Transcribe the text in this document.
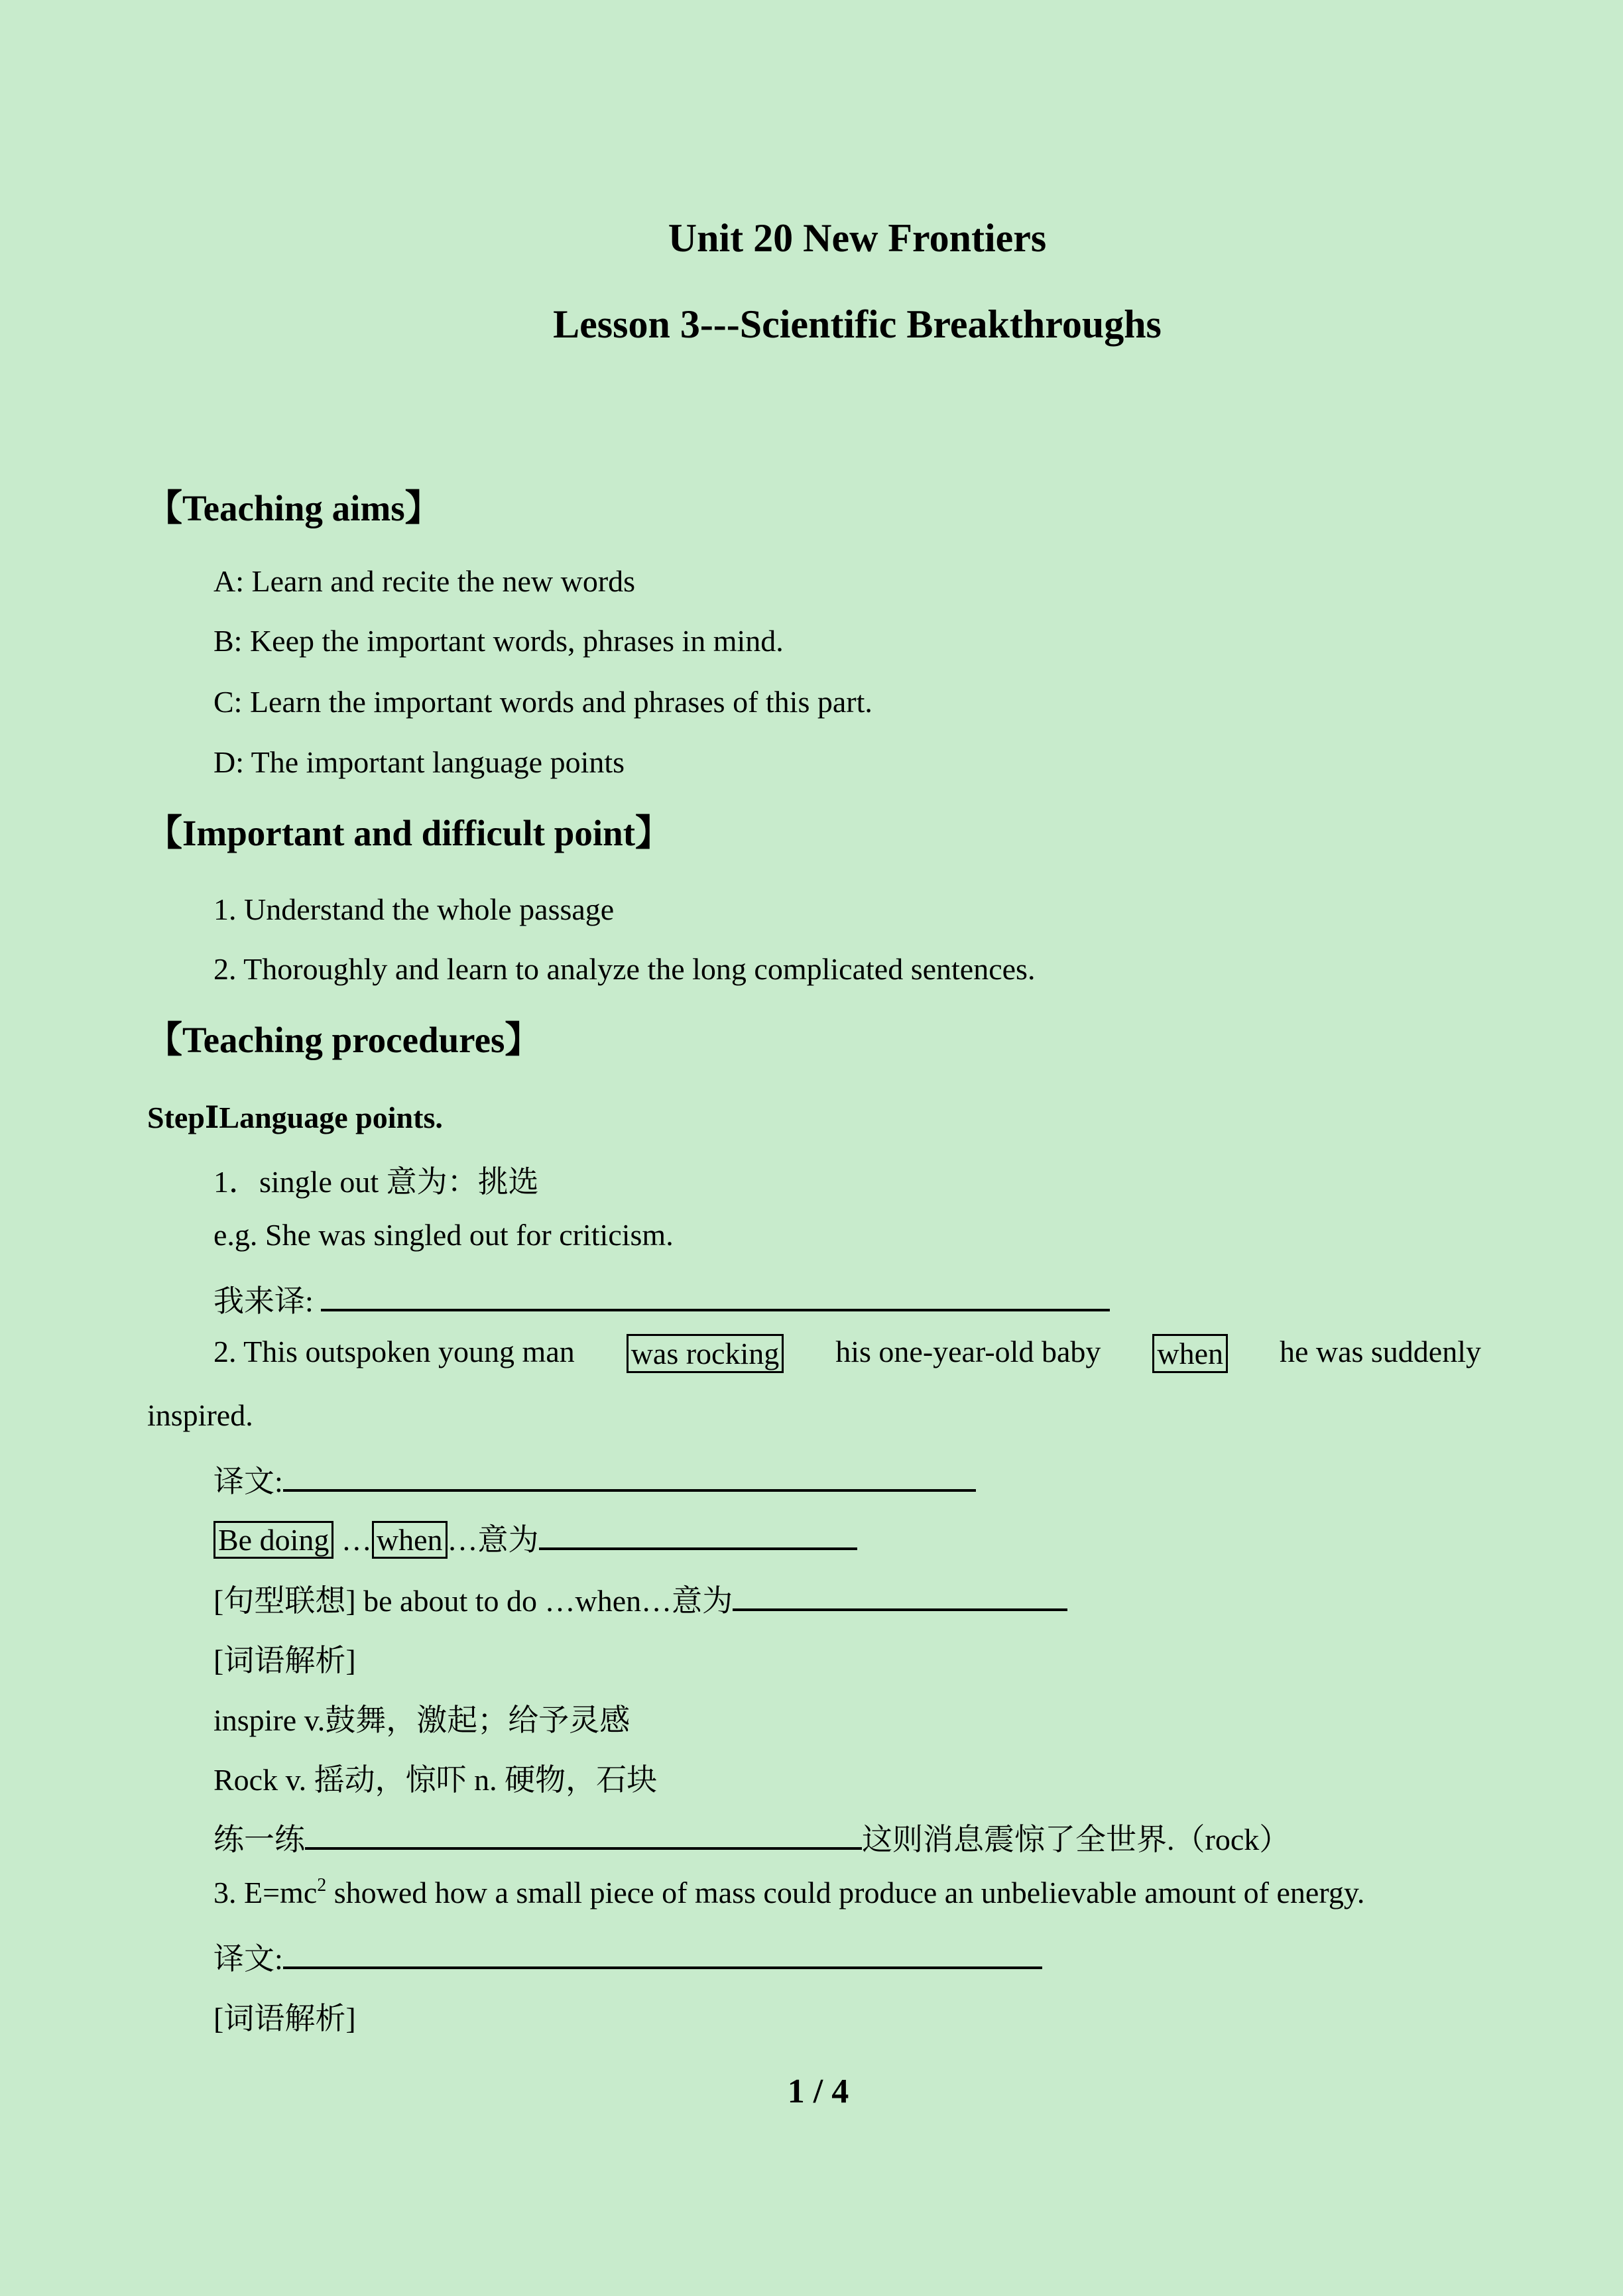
Unit 20 New Frontiers
Lesson 3---Scientific Breakthroughs
【Teaching aims】
A: Learn and recite the new words
B: Keep the important words, phrases in mind.
C: Learn the important words and phrases of this part.
D: The important language points
【Important and difficult point】
1. Understand the whole passage
2. Thoroughly and learn to analyze the long complicated sentences.
【Teaching procedures】
StepⅠLanguage points.
1．single out 意为：挑选
e.g. She was singled out for criticism.
我来译:
2. This outspoken young man was rocking his one-year-old baby when he was suddenly
inspired.
译文:
Be doing … when …意为
[句型联想] be about to do …when…意为
[词语解析]
inspire v.鼓舞，激起；给予灵感
Rock v. 摇动，惊吓 n. 硬物，石块
练一练	这则消息震惊了全世界.（rock）
3. $E=mc^2$ showed how a small piece of mass could produce an unbelievable amount of energy.
译文:
[词语解析]
1 / 4
